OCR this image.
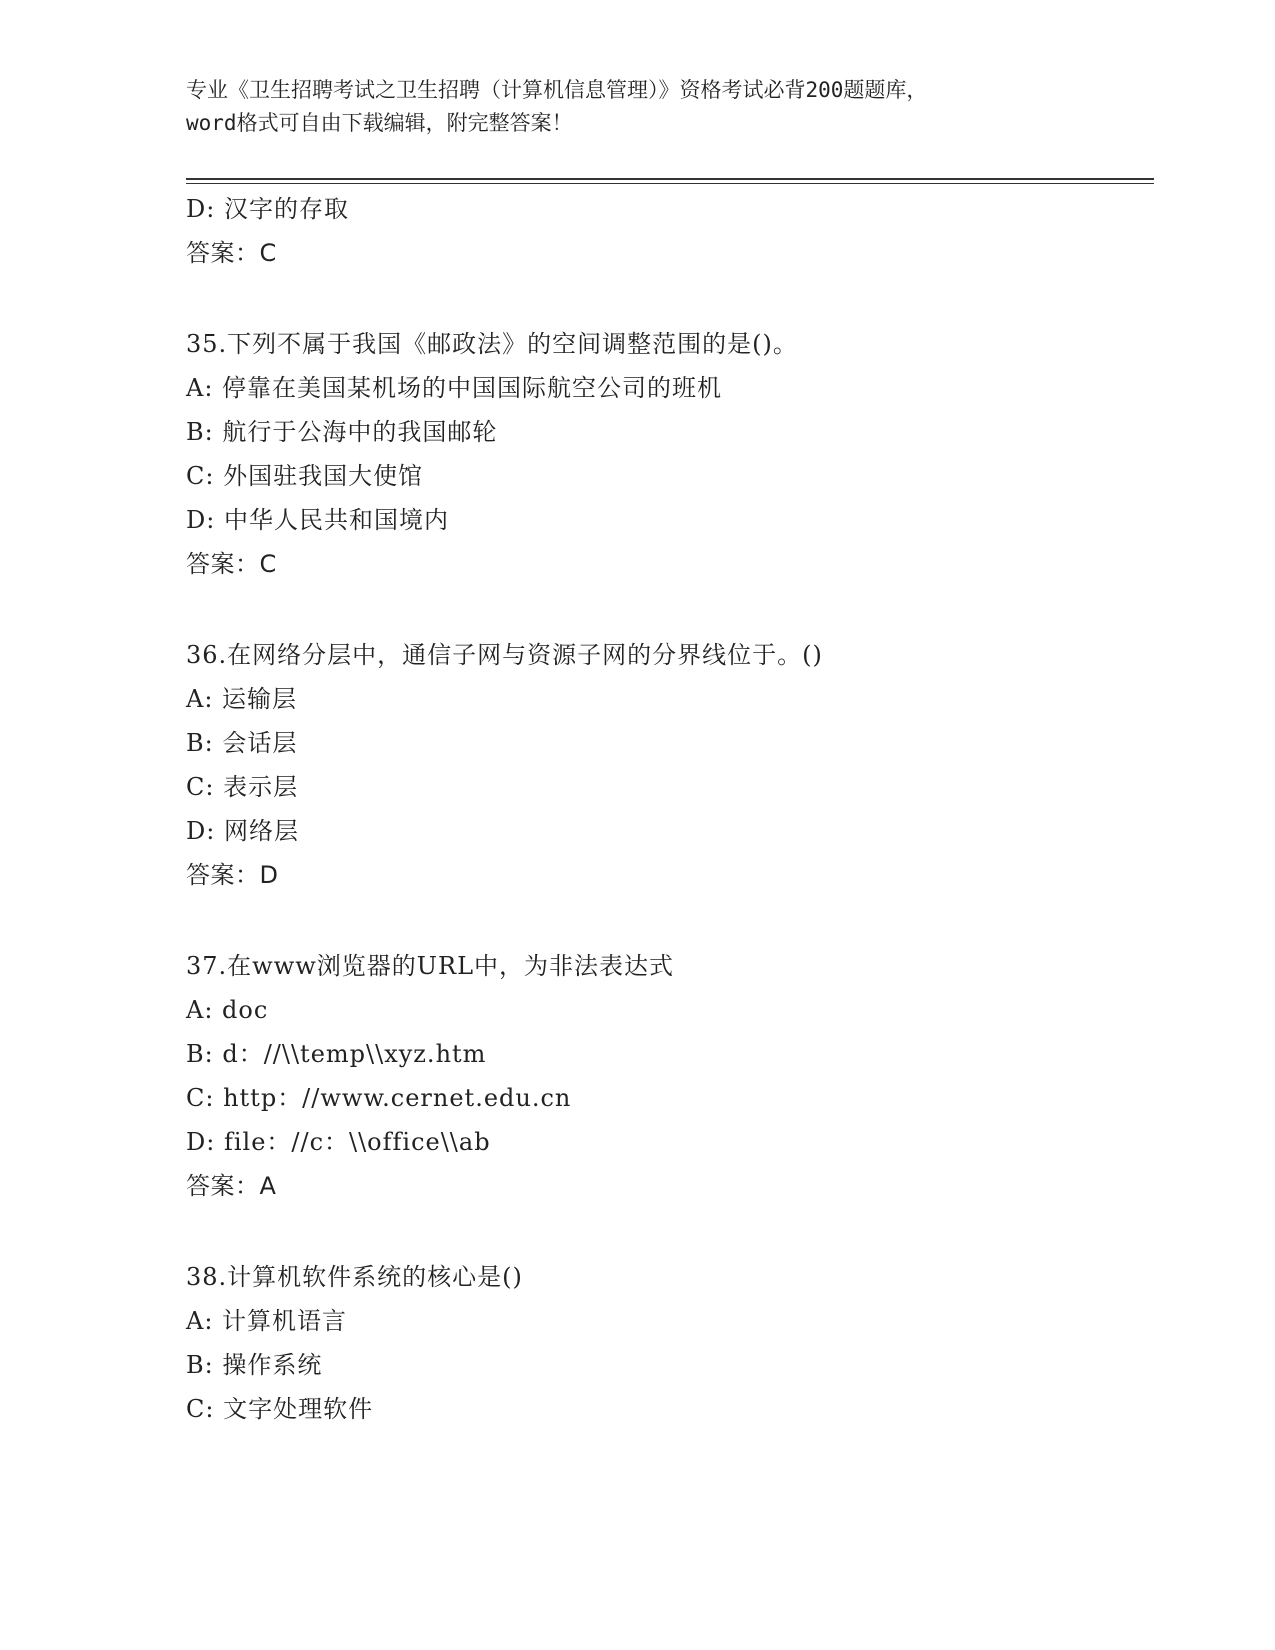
专业《卫生招聘考试之卫生招聘（计算机信息管理）》资格考试必背200题题库，
word格式可自由下载编辑，附完整答案！
D: 汉字的存取
答案：C
35.下列不属于我国《邮政法》的空间调整范围的是()。
A: 停靠在美国某机场的中国国际航空公司的班机
B: 航行于公海中的我国邮轮
C: 外国驻我国大使馆
D: 中华人民共和国境内
答案：C
36.在网络分层中，通信子网与资源子网的分界线位于。()
A: 运输层
B: 会话层
C: 表示层
D: 网络层
答案：D
37.在www浏览器的URL中，为非法表达式
A: doc
B: d：//\\temp\\xyz.htm
C: http：//www.cernet.edu.cn
D: file：//c：\\office\\ab
答案：A
38.计算机软件系统的核心是()
A: 计算机语言
B: 操作系统
C: 文字处理软件
